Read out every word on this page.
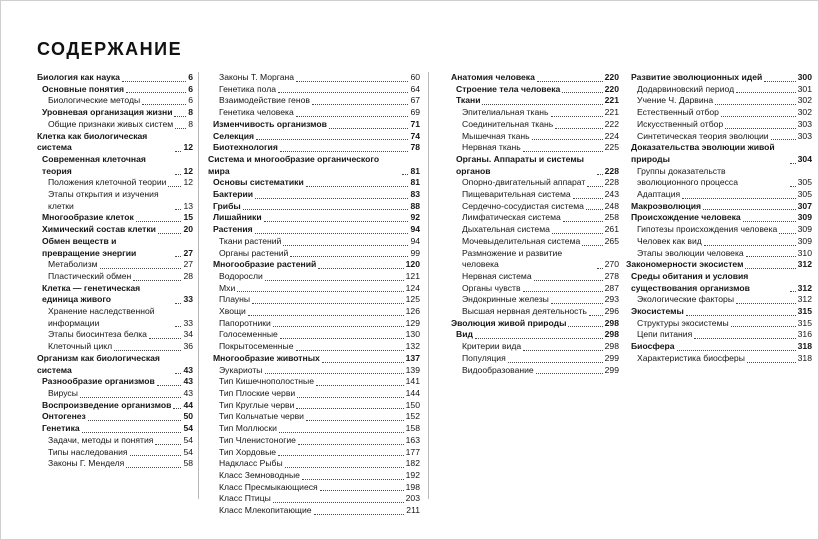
СОДЕРЖАНИЕ
Биология как наука	6
Основные понятия	6
Биологические методы	6
Уровневая организация жизни 8
Общие признаки живых систем 8
Клетка как биологическая система	12
Современная клеточная теория	12
Положения клеточной теории 12
Этапы открытия и изучения клетки	13
Многообразие клеток	15
Химический состав клетки	20
Обмен веществ и превращение энергии	27
Метаболизм	27
Пластический обмен	28
Клетка — генетическая единица живого	33
Хранение наследственной информации	33
Этапы биосинтеза белка	34
Клеточный цикл	36
Организм как биологическая система	43
Разнообразие организмов	43
Вирусы	43
Воспроизведение организмов 44
Онтогенез	50
Генетика	54
Задачи, методы и понятия	54
Типы наследования	54
Законы Г. Менделя	58
Законы Т. Моргана	60
Генетика пола	64
Взаимодействие генов	67
Генетика человека	69
Изменчивость организмов	71
Селекция	74
Биотехнология	78
Система и многообразие органического мира	81
Основы систематики	81
Бактерии	83
Грибы	88
Лишайники	92
Растения	94
Ткани растений	94
Органы растений	99
Многообразие растений	120
Водоросли	121
Мхи	124
Плауны	125
Хвощи	126
Папоротники	129
Голосеменные	130
Покрытосеменные	132
Многообразие животных	137
Эукариоты	139
Тип Кишечнополостные	141
Тип Плоские черви	144
Тип Круглые черви	150
Тип Кольчатые черви	152
Тип Моллюски	158
Тип Членистоногие	163
Тип Хордовые	177
Надкласс Рыбы	182
Класс Земноводные	192
Класс Пресмыкающиеся	198
Класс Птицы	203
Класс Млекопитающие	211
Анатомия человека	220
Строение тела человека	220
Ткани	221
Эпителиальная ткань	221
Соединительная ткань	222
Мышечная ткань	224
Нервная ткань	225
Органы. Аппараты и системы органов	228
Опорно-двигательный аппарат 228
Пищеварительная система	243
Сердечно-сосудистая система 248
Лимфатическая система	258
Дыхательная система	261
Мочевыделительная система	265
Размножение и развитие человека	270
Нервная система	278
Органы чувств	287
Эндокринные железы	293
Высшая нервная деятельность 296
Эволюция живой природы	298
Вид	298
Критерии вида	298
Популяция	299
Видообразование	299
Развитие эволюционных идей	300
Додарвиновский период	301
Учение Ч. Дарвина	302
Естественный отбор	302
Искусственный отбор	303
Синтетическая теория эволюции	303
Доказательства эволюции живой природы	304
Группы доказательств эволюционного процесса	305
Адаптация	305
Макроэволюция	307
Происхождение человека	309
Гипотезы происхождения человека 309
Человек как вид	309
Этапы эволюции человека	310
Закономерности экосистем	312
Среды обитания и условия существования организмов	312
Экологические факторы	312
Экосистемы	315
Структуры экосистемы	315
Цепи питания	316
Биосфера	318
Характеристика биосферы	318
